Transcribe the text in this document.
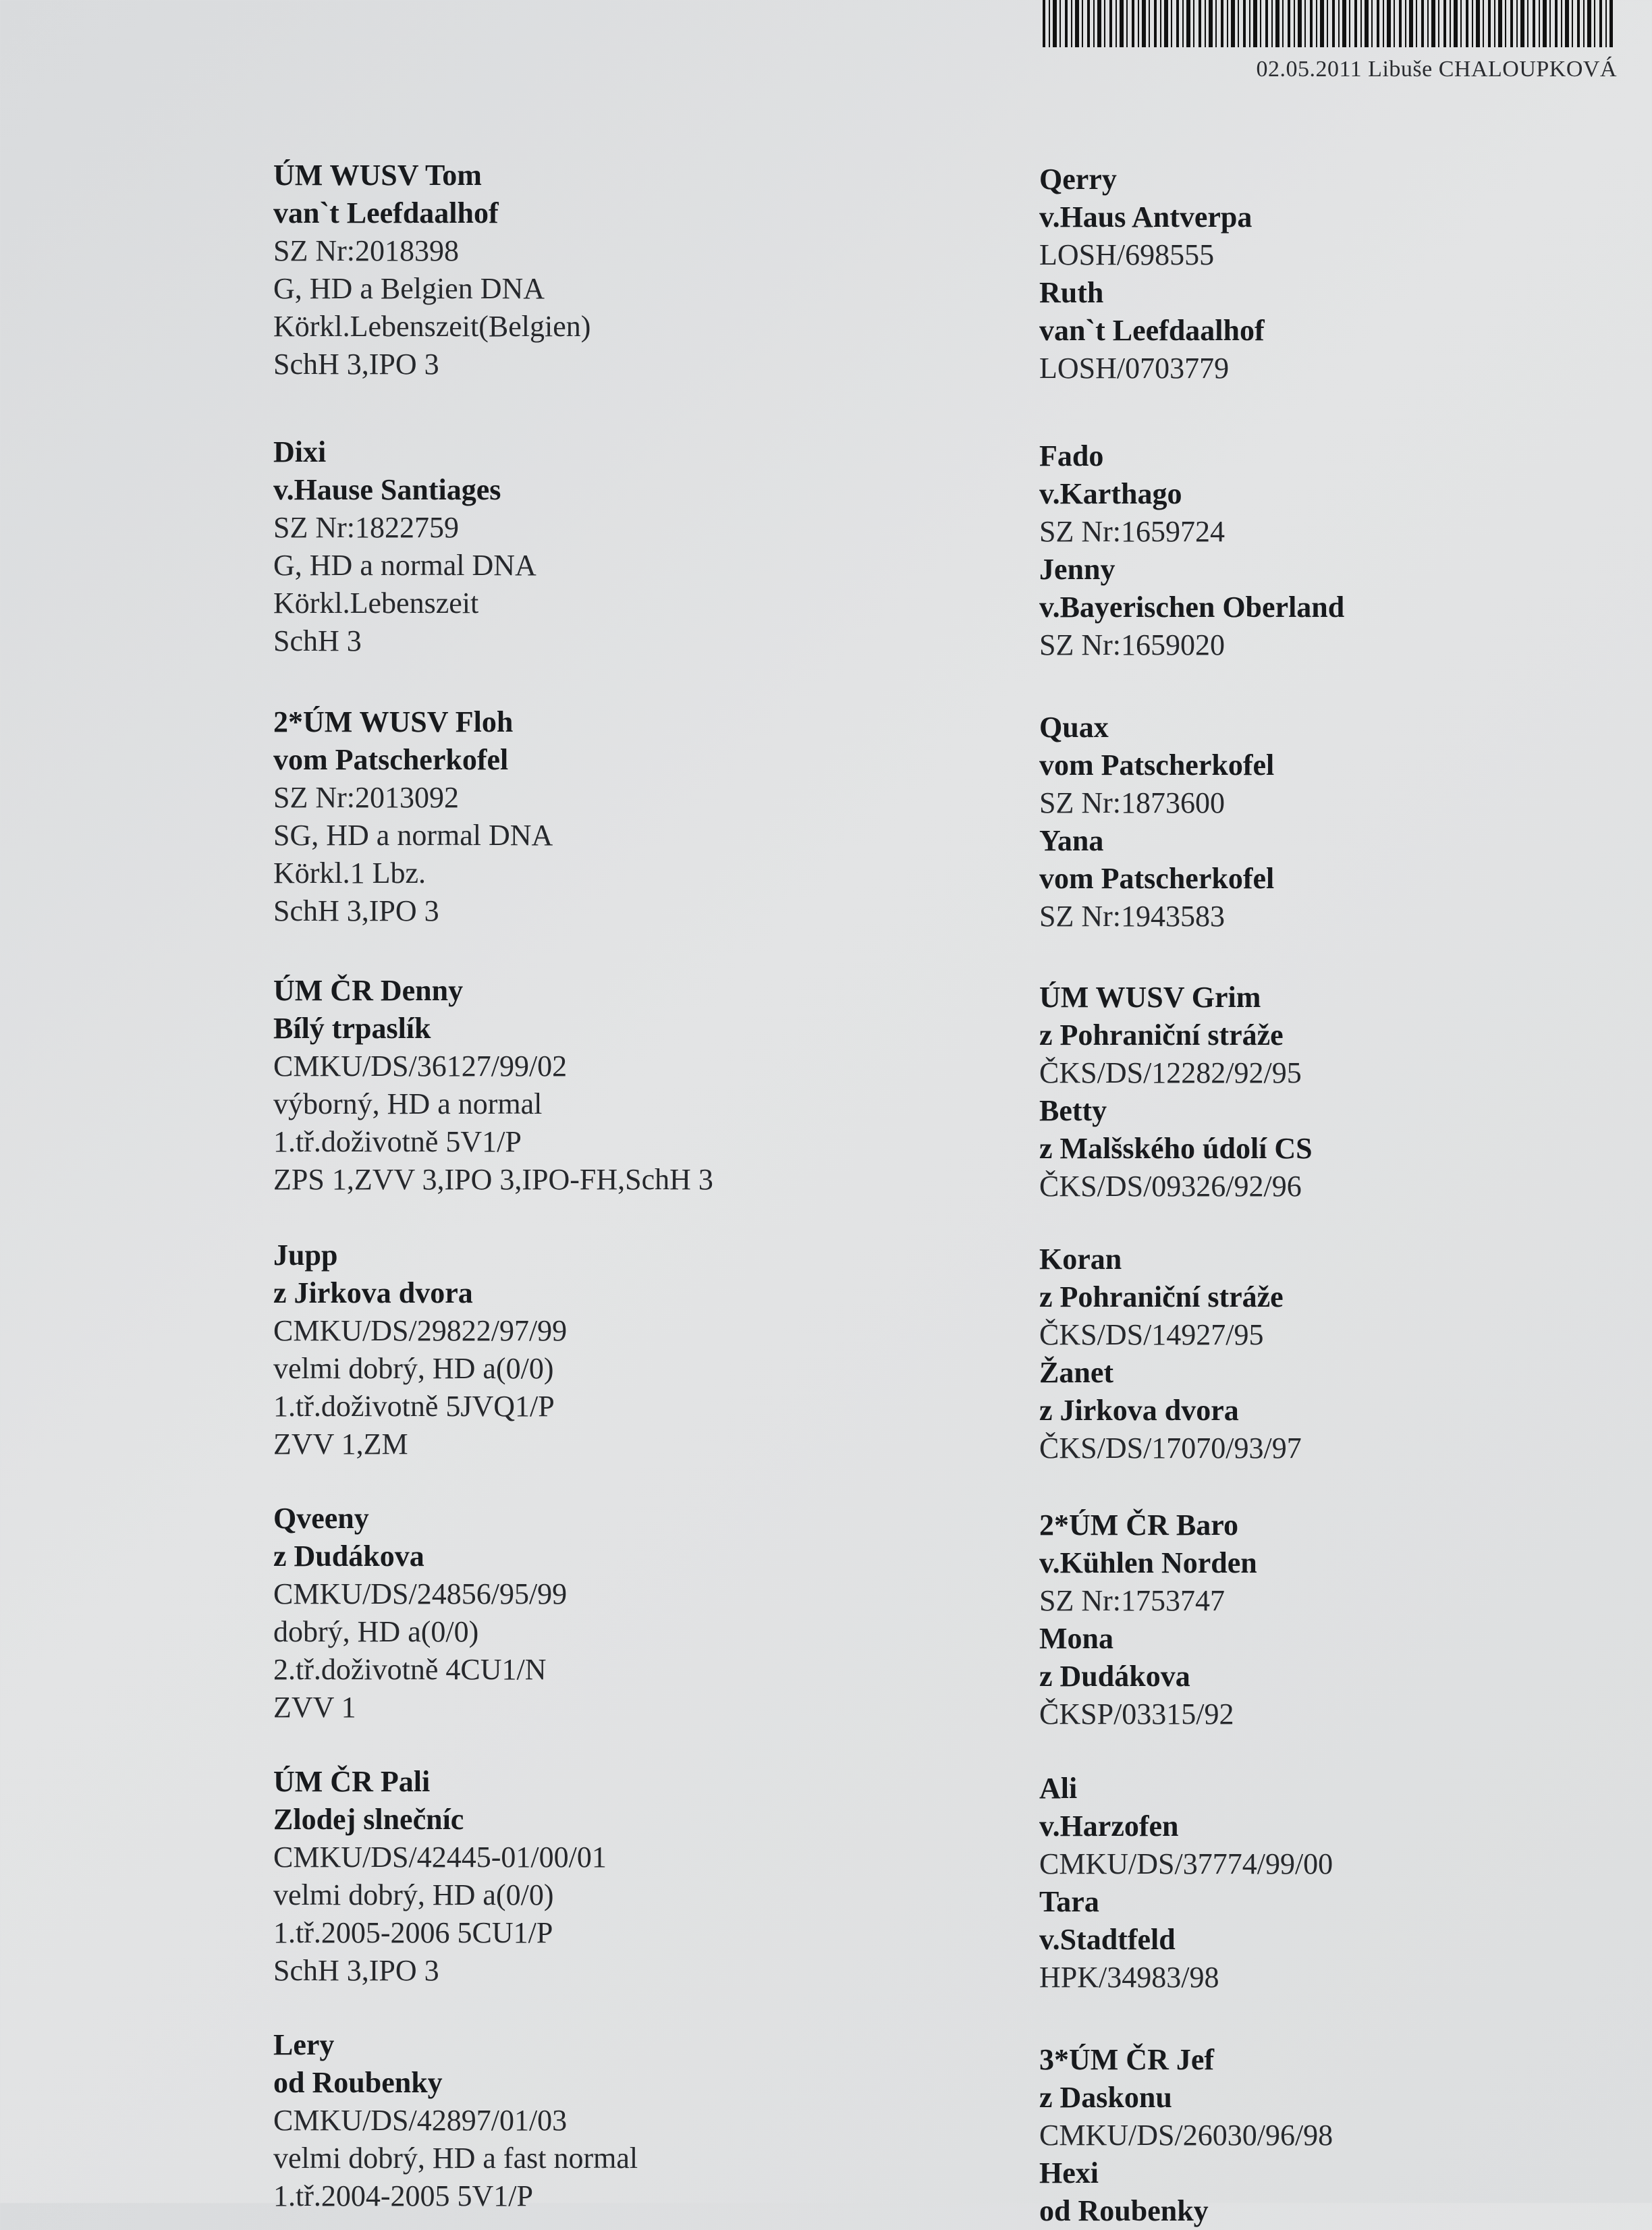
02.05.2011 Libuše CHALOUPKOVÁ

ÚM WUSV Tom

van`t Leefdaalhof

SZ Nr:2018398

G, HD a Belgien DNA

Körkl.Lebenszeit(Belgien)

SchH 3,IPO 3

Dixi

v.Hause Santiages

SZ Nr:1822759

G, HD a normal DNA

Körkl.Lebenszeit

SchH 3

2*ÚM WUSV Floh

vom Patscherkofel

SZ Nr:2013092

SG, HD a normal DNA

Körkl.1 Lbz.

SchH 3,IPO 3

ÚM ČR Denny

Bílý trpaslík

CMKU/DS/36127/99/02

výborný, HD a normal

1.tř.doživotně 5V1/P

ZPS 1,ZVV 3,IPO 3,IPO-FH,SchH 3

Jupp

z Jirkova dvora

CMKU/DS/29822/97/99

velmi dobrý, HD a(0/0)

1.tř.doživotně 5JVQ1/P

ZVV 1,ZM

Qveeny

z Dudákova

CMKU/DS/24856/95/99

dobrý, HD a(0/0)

2.tř.doživotně 4CU1/N

ZVV 1

ÚM ČR Pali

Zlodej slnečníc

CMKU/DS/42445-01/00/01

velmi dobrý, HD a(0/0)

1.tř.2005-2006 5CU1/P

SchH 3,IPO 3

Lery

od Roubenky

CMKU/DS/42897/01/03

velmi dobrý, HD a fast normal

1.tř.2004-2005 5V1/P

Qerry

v.Haus Antverpa

LOSH/698555

Ruth

van`t Leefdaalhof

LOSH/0703779

Fado

v.Karthago

SZ Nr:1659724

Jenny

v.Bayerischen Oberland

SZ Nr:1659020

Quax

vom Patscherkofel

SZ Nr:1873600

Yana

vom Patscherkofel

SZ Nr:1943583

ÚM WUSV Grim

z Pohraniční stráže

ČKS/DS/12282/92/95

Betty

z Malšského údolí CS

ČKS/DS/09326/92/96

Koran

z Pohraniční stráže

ČKS/DS/14927/95

Žanet

z Jirkova dvora

ČKS/DS/17070/93/97

2*ÚM ČR Baro

v.Kühlen Norden

SZ Nr:1753747

Mona

z Dudákova

ČKSP/03315/92

Ali

v.Harzofen

CMKU/DS/37774/99/00

Tara

v.Stadtfeld

HPK/34983/98

3*ÚM ČR Jef

z Daskonu

CMKU/DS/26030/96/98

Hexi

od Roubenky
